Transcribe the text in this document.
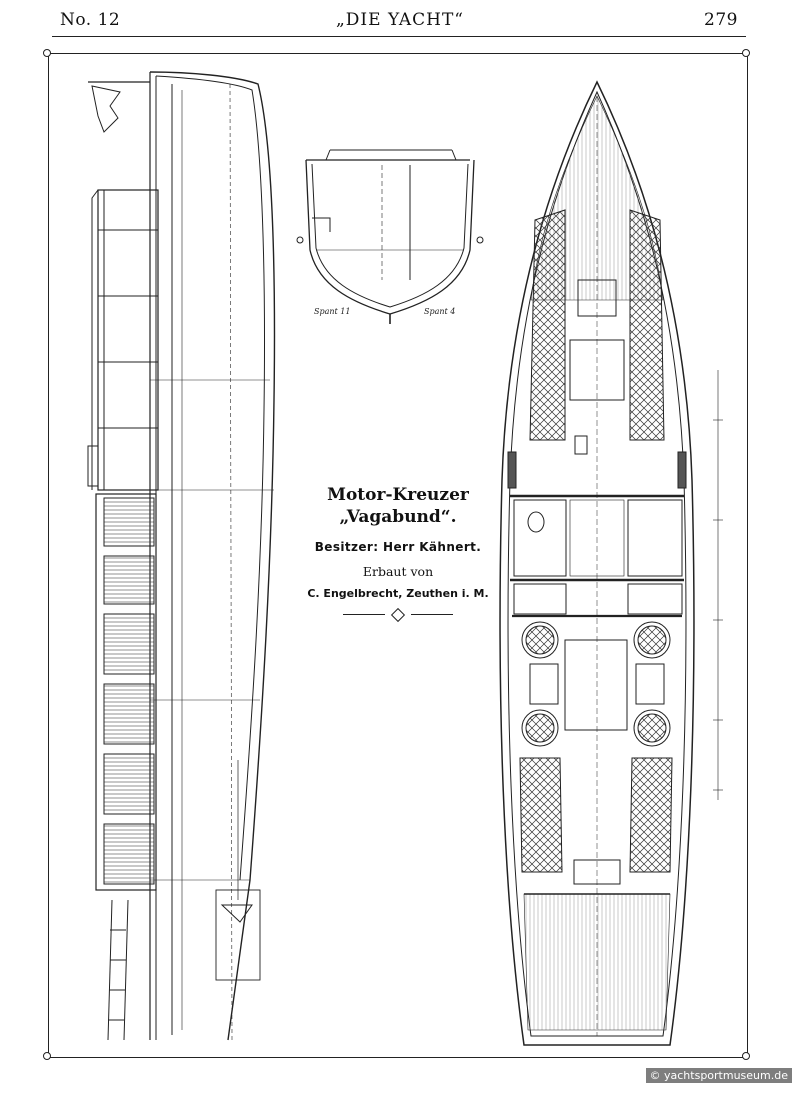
No. 12	„DIE YACHT“	279
Spant 11	Spant 4
Motor-Kreuzer
„Vagabund“.
Besitzer: Herr Kähnert.
Erbaut von
C. Engelbrecht, Zeuthen i. M.
© yachtsportmuseum.de
